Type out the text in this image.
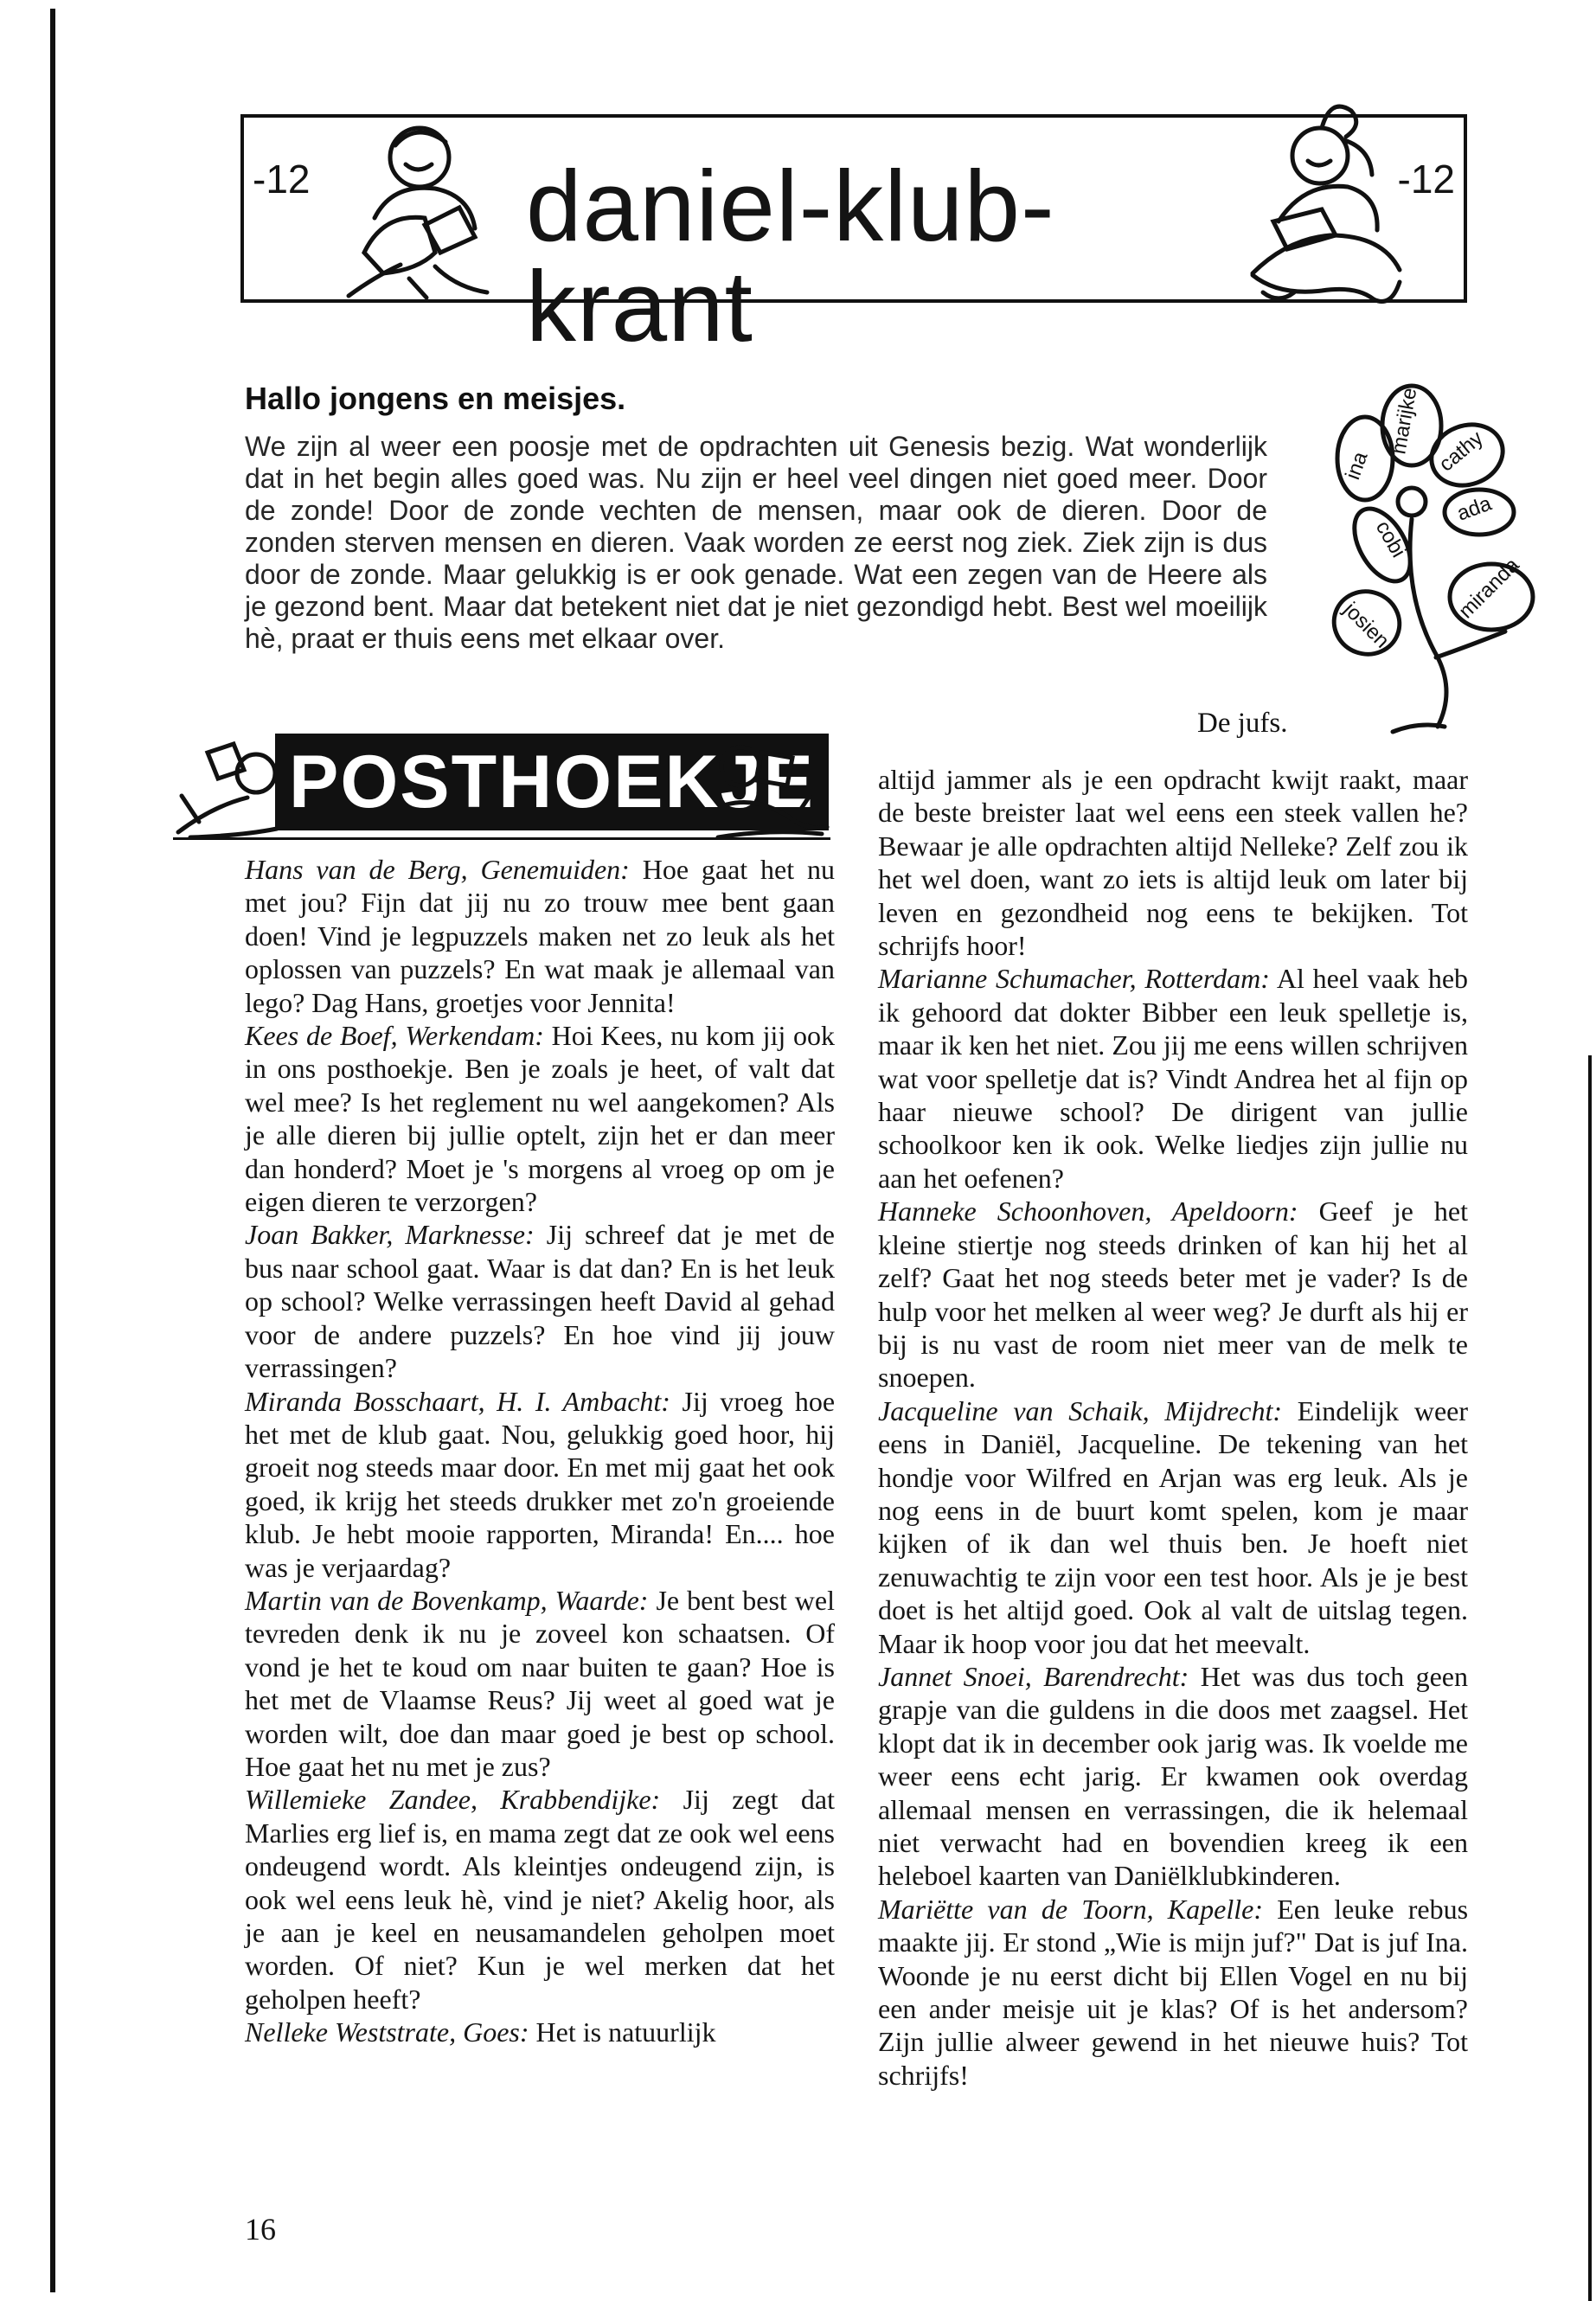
-12 daniel-klub-krant
-12

Hallo jongens en meisjes.

We zijn al weer een poosje met de opdrachten uit Genesis bezig. Wat wonderlijk dat in het begin alles goed was. Nu zijn er heel veel dingen niet goed meer. Door de zonde! Door de zonde vechten de mensen, maar ook de dieren. Door de zonden sterven mensen en dieren. Vaak worden ze eerst nog ziek. Ziek zijn is dus door de zonde. Maar gelukkig is er ook genade. Wat een zegen van de Heere als je gezond bent. Maar dat betekent niet dat je niet gezondigd hebt. Best wel moeilijk hè, praat er thuis eens met elkaar over.

De jufs.

ina
marijke cathy
ada
cobi
josien
miranda
POSTHOEKJE

Hans van de Berg, Genemuiden: Hoe gaat het nu met jou? Fijn dat jij nu zo trouw mee bent gaan doen! Vind je legpuzzels maken net zo leuk als het oplossen van puzzels? En wat maak je allemaal van lego? Dag Hans, groetjes voor Jennita!

Kees de Boef, Werkendam: Hoi Kees, nu kom jij ook in ons posthoekje. Ben je zoals je heet, of valt dat wel mee? Is het reglement nu wel aangekomen? Als je alle dieren bij jullie optelt, zijn het er dan meer dan honderd? Moet je 's morgens al vroeg op om je eigen dieren te verzorgen?

Joan Bakker, Marknesse: Jij schreef dat je met de bus naar school gaat. Waar is dat dan? En is het leuk op school? Welke verrassingen heeft David al gehad voor de andere puzzels? En hoe vind jij jouw verrassingen?

Miranda Bosschaart, H. I. Ambacht: Jij vroeg hoe het met de klub gaat. Nou, gelukkig goed hoor, hij groeit nog steeds maar door. En met mij gaat het ook goed, ik krijg het steeds drukker met zo'n groeiende klub. Je hebt mooie rapporten, Miranda! En.... hoe was je verjaardag?

Martin van de Bovenkamp, Waarde: Je bent best wel tevreden denk ik nu je zoveel kon schaatsen. Of vond je het te koud om naar buiten te gaan? Hoe is het met de Vlaamse Reus? Jij weet al goed wat je worden wilt, doe dan maar goed je best op school. Hoe gaat het nu met je zus?

Willemieke Zandee, Krabbendijke: Jij zegt dat Marlies erg lief is, en mama zegt dat ze ook wel eens ondeugend wordt. Als kleintjes ondeugend zijn, is ook wel eens leuk hè, vind je niet? Akelig hoor, als je aan je keel en neusamandelen geholpen moet worden. Of niet? Kun je wel merken dat het geholpen heeft?

Nelleke Weststrate, Goes: Het is natuurlijk

altijd jammer als je een opdracht kwijt raakt, maar de beste breister laat wel eens een steek vallen he? Bewaar je alle opdrachten altijd Nelleke? Zelf zou ik het wel doen, want zo iets is altijd leuk om later bij leven en gezondheid nog eens te bekijken. Tot schrijfs hoor!

Marianne Schumacher, Rotterdam: Al heel vaak heb ik gehoord dat dokter Bibber een leuk spelletje is, maar ik ken het niet. Zou jij me eens willen schrijven wat voor spelletje dat is? Vindt Andrea het al fijn op haar nieuwe school? De dirigent van jullie schoolkoor ken ik ook. Welke liedjes zijn jullie nu aan het oefenen?

Hanneke Schoonhoven, Apeldoorn: Geef je het kleine stiertje nog steeds drinken of kan hij het al zelf? Gaat het nog steeds beter met je vader? Is de hulp voor het melken al weer weg? Je durft als hij er bij is nu vast de room niet meer van de melk te snoepen.

Jacqueline van Schaik, Mijdrecht: Eindelijk weer eens in Daniël, Jacqueline. De tekening van het hondje voor Wilfred en Arjan was erg leuk. Als je nog eens in de buurt komt spelen, kom je maar kijken of ik dan wel thuis ben. Je hoeft niet zenuwachtig te zijn voor een test hoor. Als je je best doet is het altijd goed. Ook al valt de uitslag tegen. Maar ik hoop voor jou dat het meevalt.

Jannet Snoei, Barendrecht: Het was dus toch geen grapje van die guldens in die doos met zaagsel. Het klopt dat ik in december ook jarig was. Ik voelde me weer eens echt jarig. Er kwamen ook overdag allemaal mensen en verrassingen, die ik helemaal niet verwacht had en bovendien kreeg ik een heleboel kaarten van Daniëlklubkinderen.

Mariëtte van de Toorn, Kapelle: Een leuke rebus maakte jij. Er stond „Wie is mijn juf?" Dat is juf Ina. Woonde je nu eerst dicht bij Ellen Vogel en nu bij een ander meisje uit je klas? Of is het andersom? Zijn jullie alweer gewend in het nieuwe huis? Tot schrijfs!

16
